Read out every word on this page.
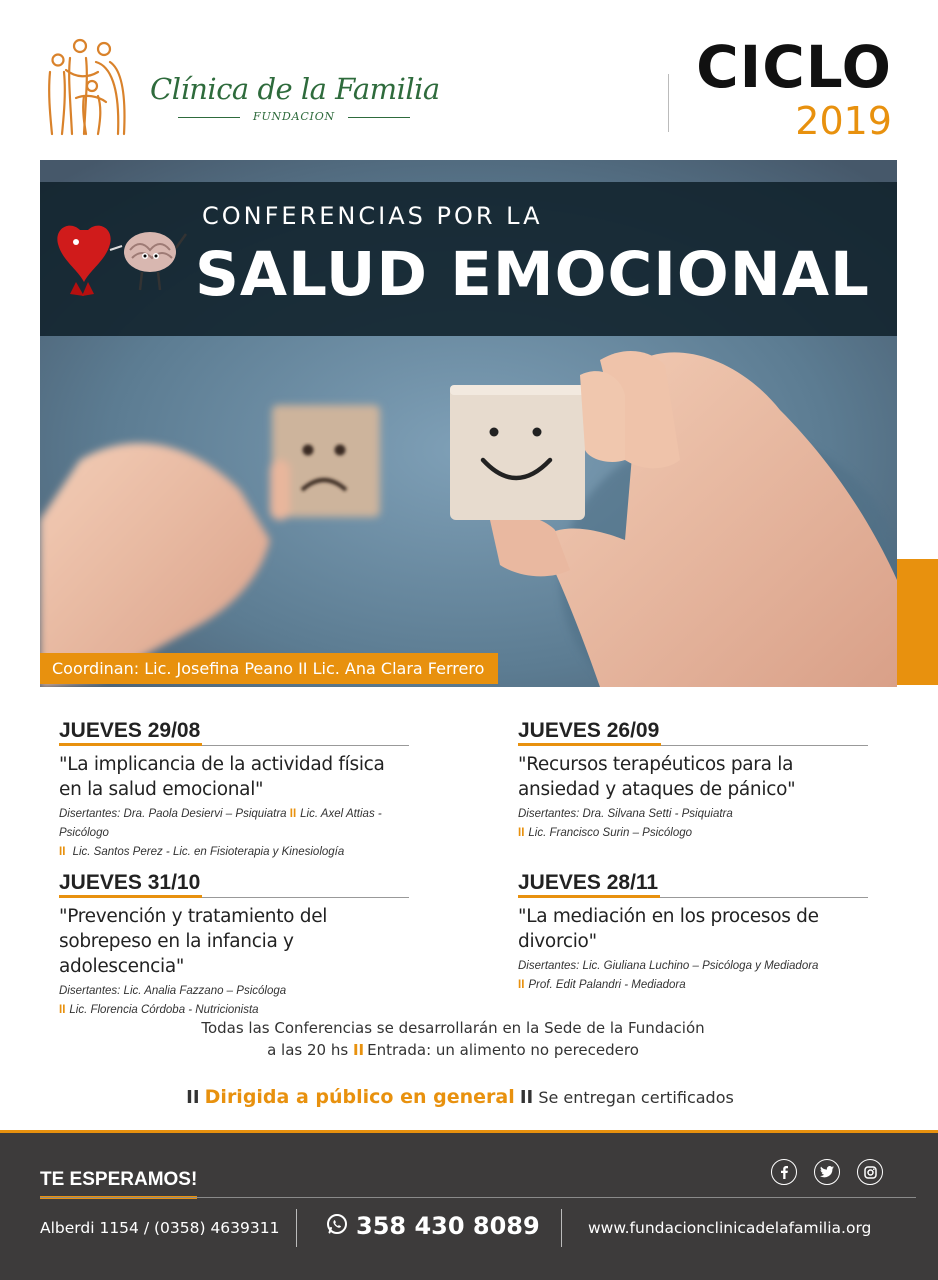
Clínica de la Familia
FUNDACION
CICLO
2019
CONFERENCIAS POR LA
SALUD EMOCIONAL
Coordinan: Lic. Josefina Peano II Lic. Ana Clara Ferrero
JUEVES 29/08
"La implicancia de la actividad física en la salud emocional"
Disertantes: Dra. Paola Desiervi – Psiquiatra II Lic. Axel Attias - Psicólogo
II Lic. Santos Perez - Lic. en Fisioterapia y Kinesiología
JUEVES 26/09
"Recursos terapéuticos para la ansiedad y ataques de pánico"
Disertantes: Dra. Silvana Setti - Psiquiatra
II Lic. Francisco Surin – Psicólogo
JUEVES 31/10
"Prevención y tratamiento del sobrepeso en la infancia y adolescencia"
Disertantes: Lic. Analia Fazzano – Psicóloga
II Lic. Florencia Córdoba - Nutricionista
JUEVES 28/11
"La mediación en los procesos de divorcio"
Disertantes: Lic. Giuliana Luchino – Psicóloga y Mediadora
II Prof. Edit Palandri - Mediadora
Todas las Conferencias se desarrollarán en la Sede de la Fundación
a las 20 hs II Entrada: un alimento no perecedero
II Dirigida a público en general II Se entregan certificados
TE ESPERAMOS!
Alberdi 1154 / (0358) 4639311	358 430 8089	www.fundacionclinicadelafamilia.org
